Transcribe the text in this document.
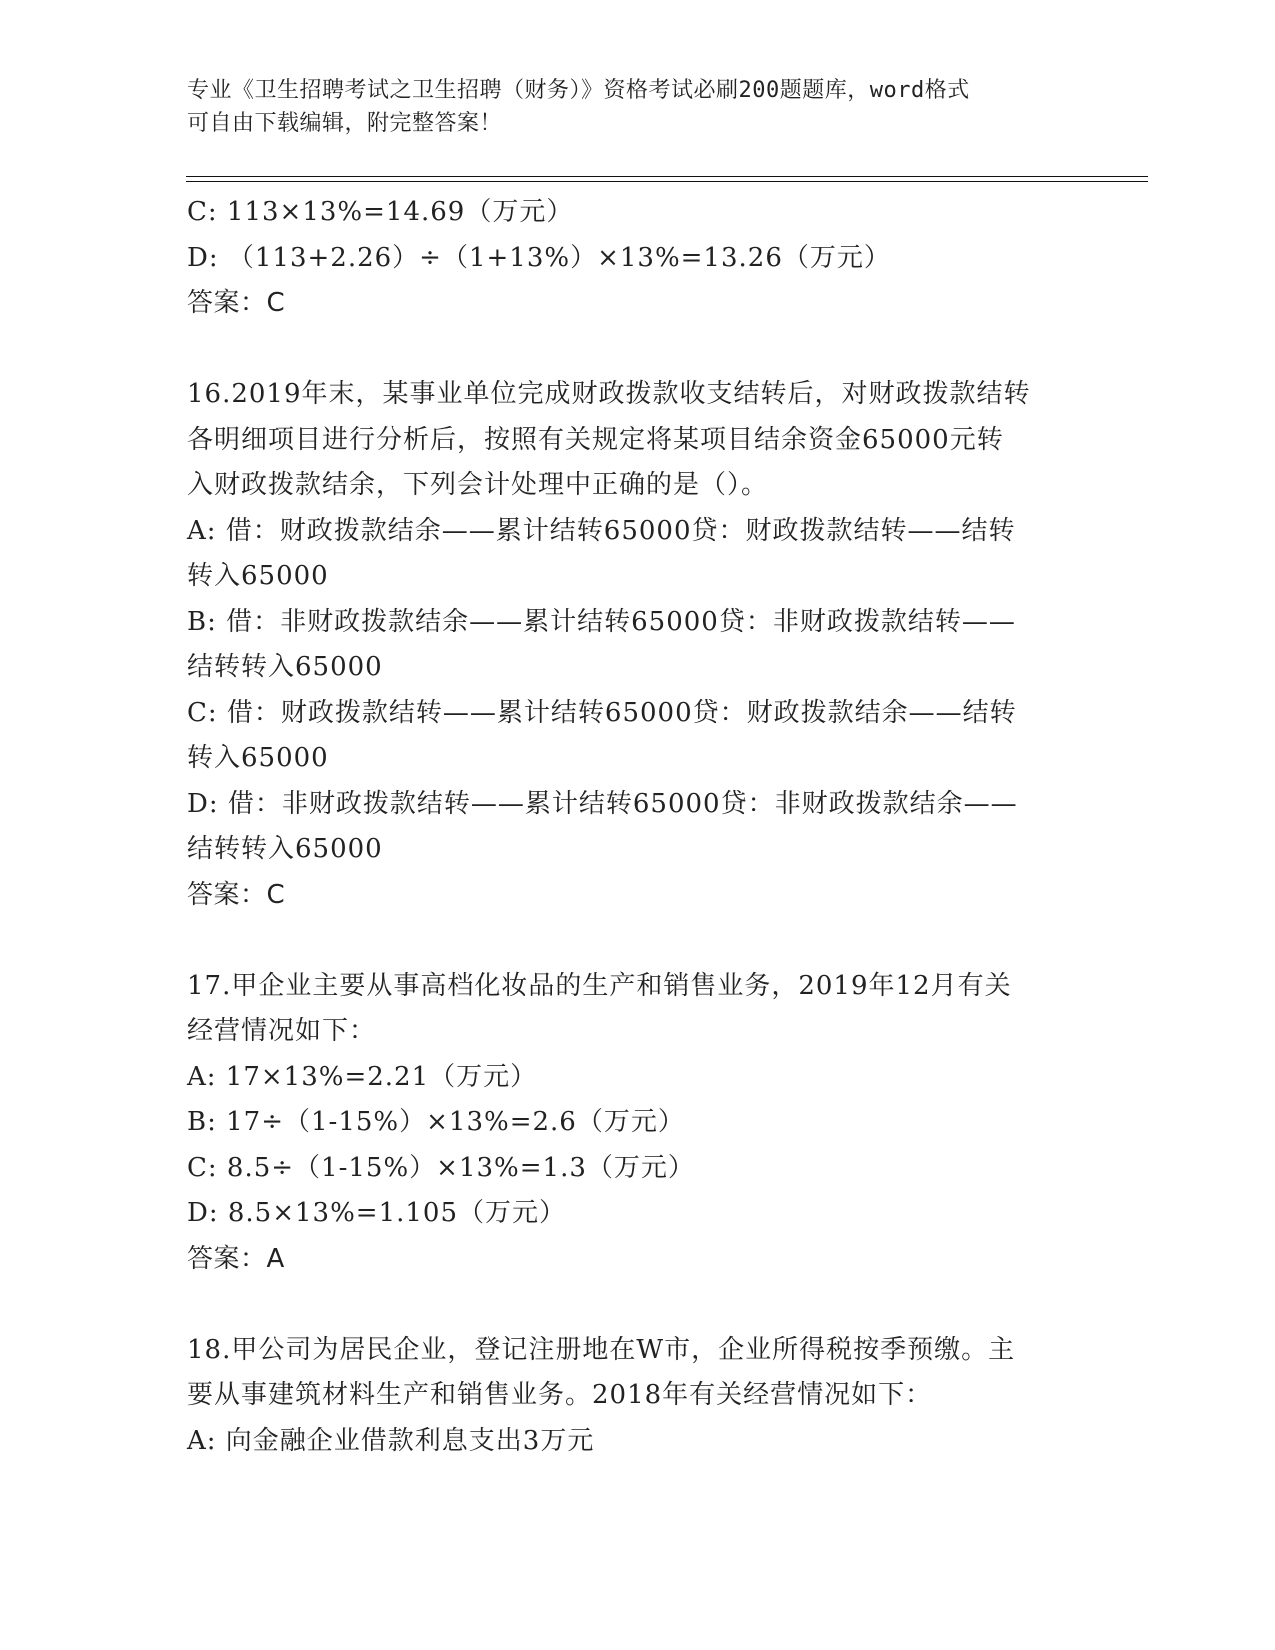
专业《卫生招聘考试之卫生招聘（财务）》资格考试必刷200题题库，word格式
可自由下载编辑，附完整答案！
C: 113×13%=14.69（万元）
D: （113+2.26）÷（1+13%）×13%=13.26（万元）
答案：C
16.2019年末，某事业单位完成财政拨款收支结转后，对财政拨款结转
各明细项目进行分析后，按照有关规定将某项目结余资金65000元转
入财政拨款结余，下列会计处理中正确的是（）。
A: 借：财政拨款结余——累计结转65000贷：财政拨款结转——结转
转入65000
B: 借：非财政拨款结余——累计结转65000贷：非财政拨款结转——
结转转入65000
C: 借：财政拨款结转——累计结转65000贷：财政拨款结余——结转
转入65000
D: 借：非财政拨款结转——累计结转65000贷：非财政拨款结余——
结转转入65000
答案：C
17.甲企业主要从事高档化妆品的生产和销售业务，2019年12月有关
经营情况如下：
A: 17×13%=2.21（万元）
B: 17÷（1-15%）×13%=2.6（万元）
C: 8.5÷（1-15%）×13%=1.3（万元）
D: 8.5×13%=1.105（万元）
答案：A
18.甲公司为居民企业，登记注册地在W市，企业所得税按季预缴。主
要从事建筑材料生产和销售业务。2018年有关经营情况如下：
A: 向金融企业借款利息支出3万元
